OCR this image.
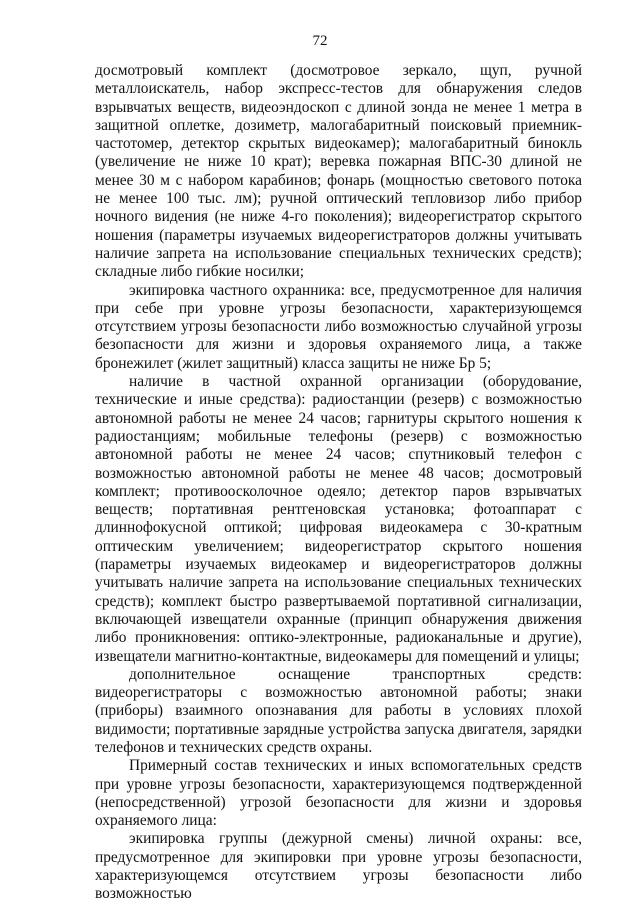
72

досмотровый комплект (досмотровое зеркало, щуп, ручной металлоискатель, набор экспресс-тестов для обнаружения следов взрывчатых веществ, видеоэндоскоп с длиной зонда не менее 1 метра в защитной оплетке, дозиметр, малогабаритный поисковый приемник-частотомер, детектор скрытых видеокамер); малогабаритный бинокль (увеличение не ниже 10 крат); веревка пожарная ВПС-30 длиной не менее 30 м с набором карабинов; фонарь (мощностью светового потока не менее 100 тыс. лм); ручной оптический тепловизор либо прибор ночного видения (не ниже 4-го поколения); видеорегистратор скрытого ношения (параметры изучаемых видеорегистраторов должны учитывать наличие запрета на использование специальных технических средств); складные либо гибкие носилки;

экипировка частного охранника: все, предусмотренное для наличия при себе при уровне угрозы безопасности, характеризующемся отсутствием угрозы безопасности либо возможностью случайной угрозы безопасности для жизни и здоровья охраняемого лица, а также бронежилет (жилет защитный) класса защиты не ниже Бр 5;

наличие в частной охранной организации (оборудование, технические и иные средства): радиостанции (резерв) с возможностью автономной работы не менее 24 часов; гарнитуры скрытого ношения к радиостанциям; мобильные телефоны (резерв) с возможностью автономной работы не менее 24 часов; спутниковый телефон с возможностью автономной работы не менее 48 часов; досмотровый комплект; противоосколочное одеяло; детектор паров взрывчатых веществ; портативная рентгеновская установка; фотоаппарат с длиннофокусной оптикой; цифровая видеокамера с 30-кратным оптическим увеличением; видеорегистратор скрытого ношения (параметры изучаемых видеокамер и видеорегистраторов должны учитывать наличие запрета на использование специальных технических средств); комплект быстро развертываемой портативной сигнализации, включающей извещатели охранные (принцип обнаружения движения либо проникновения: оптико-электронные, радиоканальные и другие), извещатели магнитно-контактные, видеокамеры для помещений и улицы;

дополнительное оснащение транспортных средств: видеорегистраторы с возможностью автономной работы; знаки (приборы) взаимного опознавания для работы в условиях плохой видимости; портативные зарядные устройства запуска двигателя, зарядки телефонов и технических средств охраны.

Примерный состав технических и иных вспомогательных средств при уровне угрозы безопасности, характеризующемся подтвержденной (непосредственной) угрозой безопасности для жизни и здоровья охраняемого лица:

экипировка группы (дежурной смены) личной охраны: все, предусмотренное для экипировки при уровне угрозы безопасности, характеризующемся отсутствием угрозы безопасности либо возможностью
